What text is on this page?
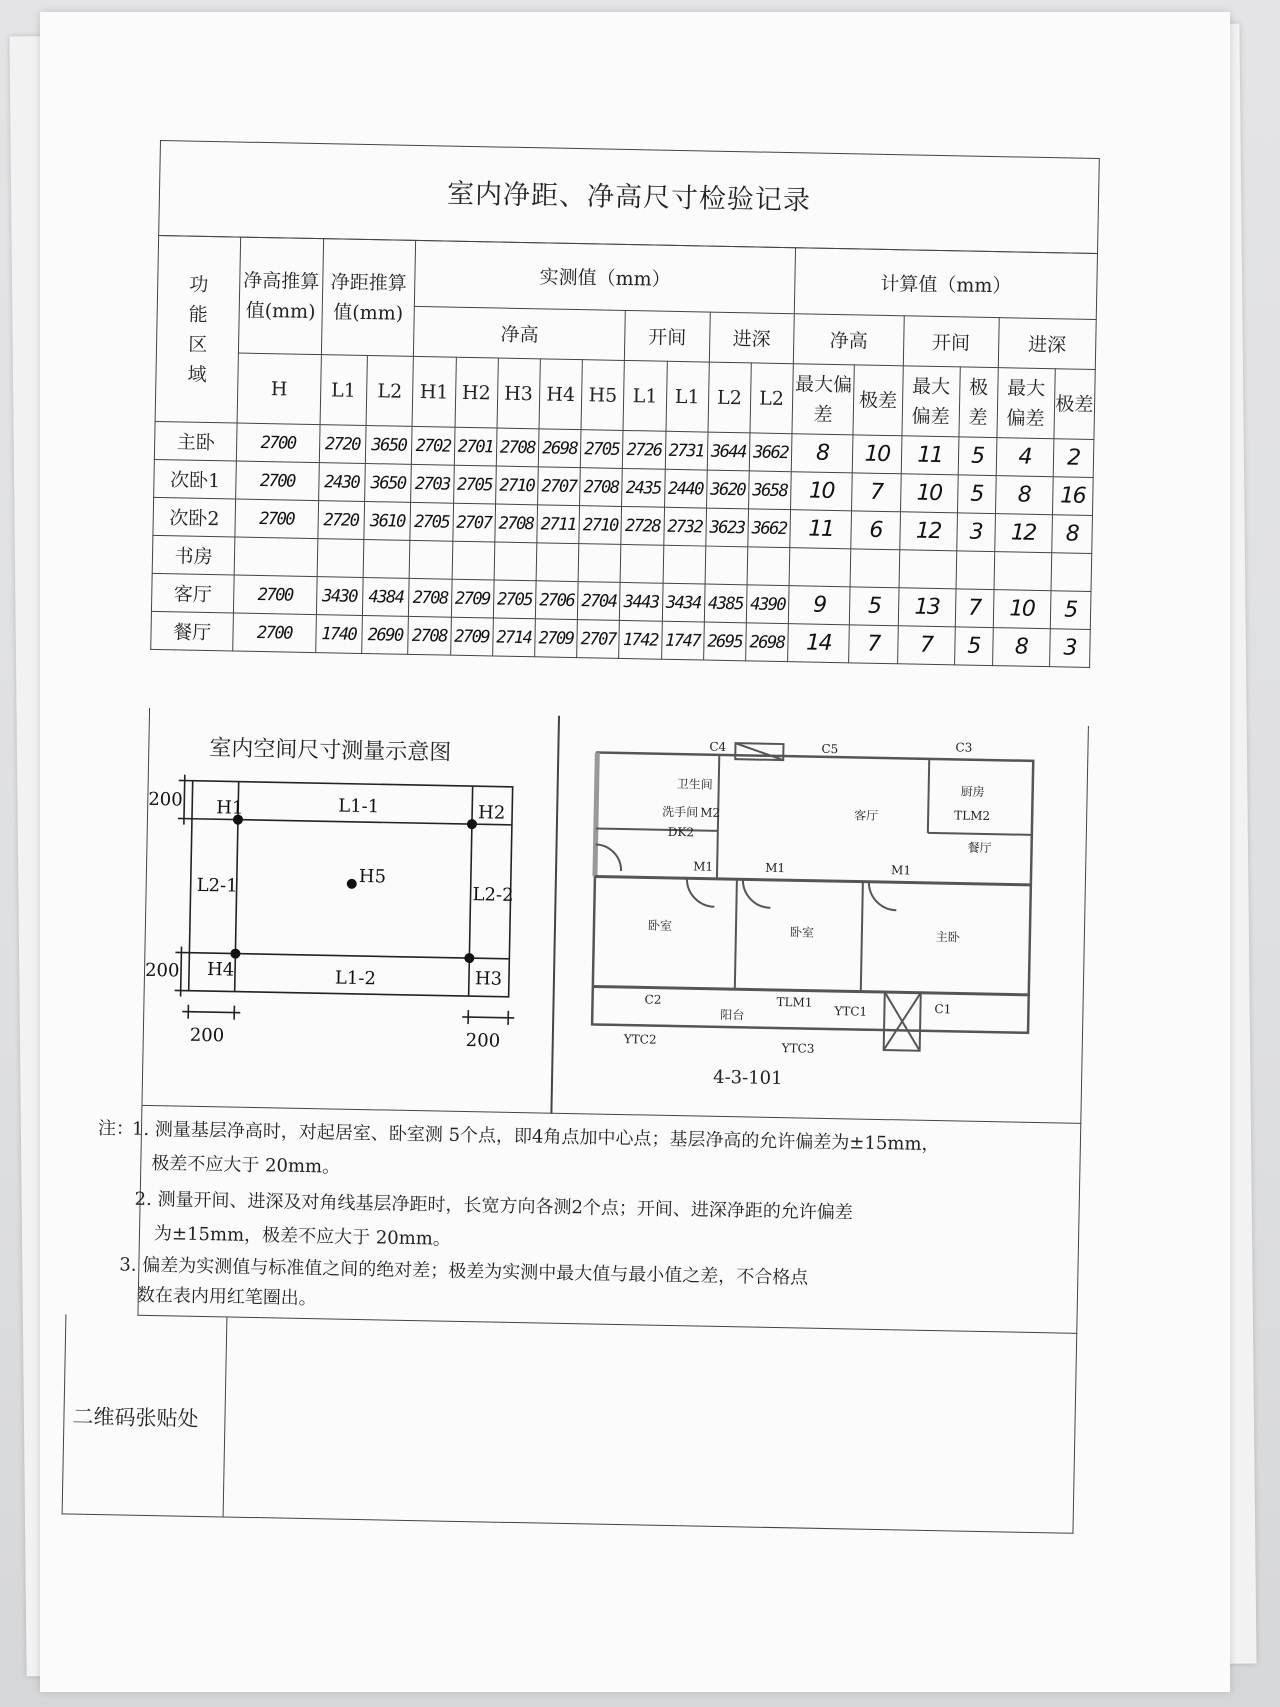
室内净距、净高尺寸检验记录
功能区域	净高推算值(mm)	净距推算值(mm)		实测值（mm）									计算值（mm）					
				净高					开间		进深		净高		开间		进深	
	H	L1	L2	H1	H2	H3	H4	H5	L1	L1	L2	L2	最大偏差	极差	最大偏差	极差	最大偏差	极差
主卧	2700	2720	3650	2702	2701	2708	2698	2705	2726	2731	3644	3662	8	10	11	5	4	2
次卧1	2700	2430	3650	2703	2705	2710	2707	2708	2435	2440	3620	3658	10	7	10	5	8	16
次卧2	2700	2720	3610	2705	2707	2708	2711	2710	2728	2732	3623	3662	11	6	12	3	12	8
书房																		
客厅	2700	3430	4384	2708	2709	2705	2706	2704	3443	3434	4385	4390	9	5	13	7	10	5
餐厅	2700	1740	2690	2708	2709	2714	2709	2707	1742	1747	2695	2698	14	7	7	5	8	3
室内空间尺寸测量示意图
200
200
200	200
H1	H2
H3
H4
H5
L1-1
L1-2
L2-1	L2-2
C4	C5	C3
卫生间
洗手间 M2
DK2
厨房
TLM2
客厅
餐厅
M1	M1	M1
卧室	卧室	主卧
C2	TLM1
阳台	YTC1	C1
YTC2
YTC3
4-3-101
注：
1. 测量基层净高时，对起居室、卧室测 5个点，即4角点加中心点；基层净高的允许偏差为±15mm，
极差不应大于 20mm。
2. 测量开间、进深及对角线基层净距时，长宽方向各测2个点；开间、进深净距的允许偏差
为±15mm，极差不应大于 20mm。
3. 偏差为实测值与标准值之间的绝对差；极差为实测中最大值与最小值之差，不合格点
数在表内用红笔圈出。
二维码张贴处
